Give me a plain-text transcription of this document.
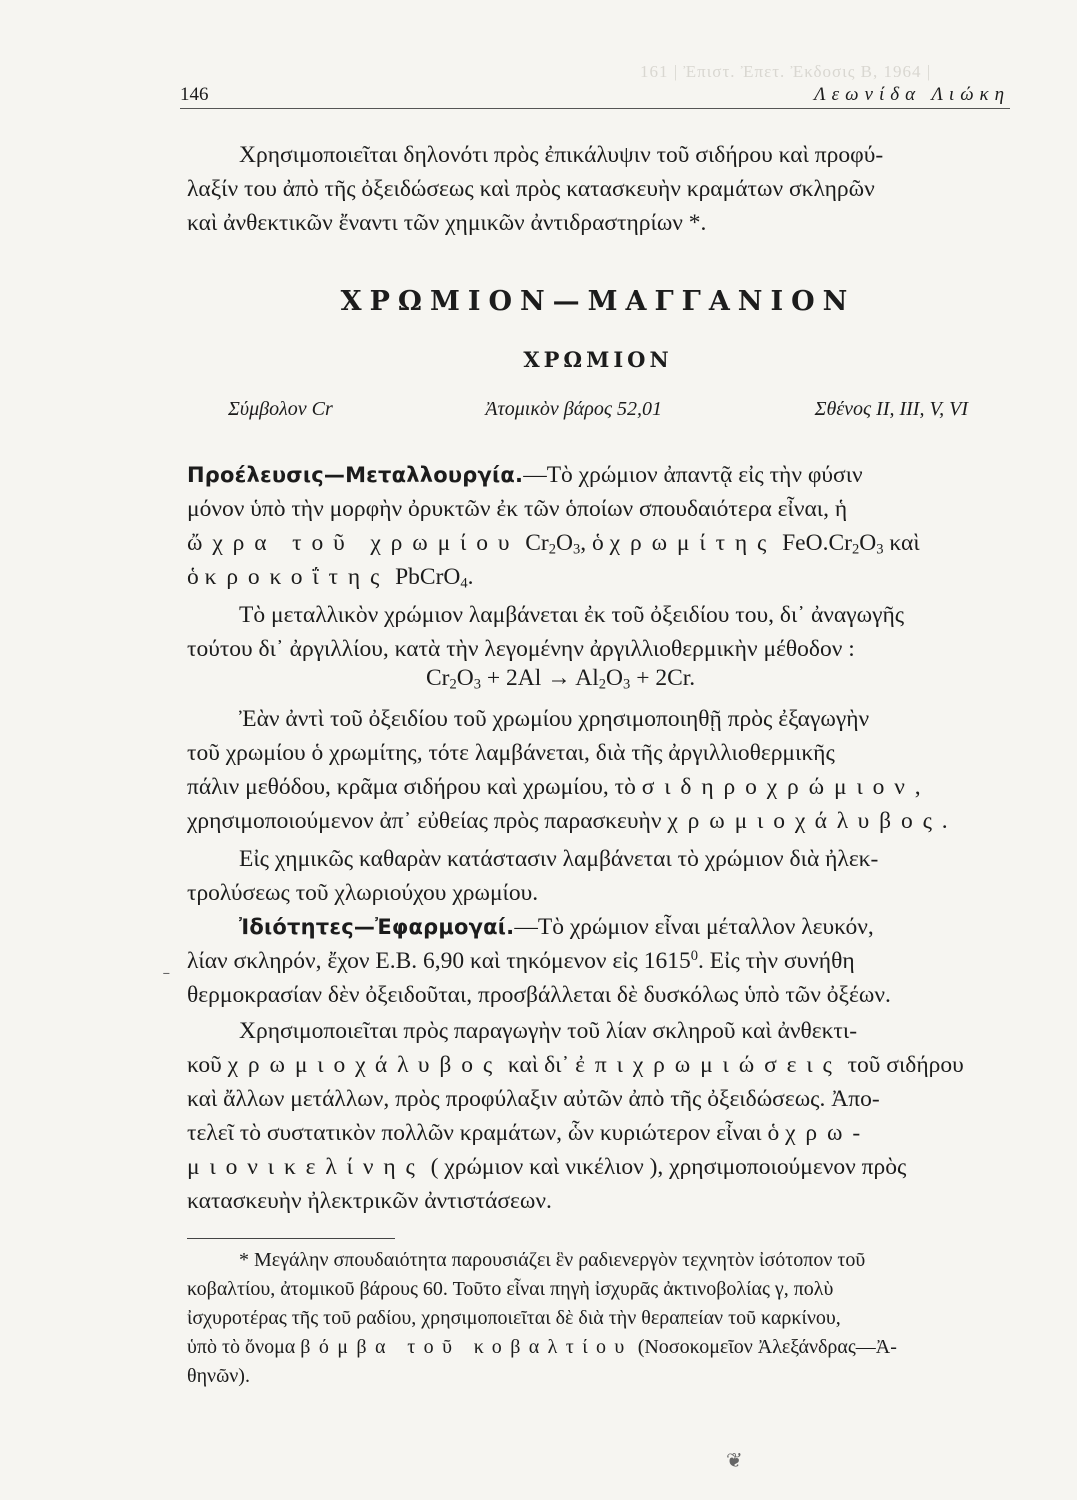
161 | Ἐπιστ. Ἐπετ. Ἐκδοσις Β, 1964 |
146	Λεωνίδα Λιώκη

Χρησιμοποιεῖται δηλονότι πρὸς ἐπικάλυψιν τοῦ σιδήρου καὶ προφύ-

λαξίν του ἀπὸ τῆς ὀξειδώσεως καὶ πρὸς κατασκευὴν κραμάτων σκληρῶν

καὶ ἀνθεκτικῶν ἔναντι τῶν χημικῶν ἀντιδραστηρίων *.

ΧΡΩΜΙΟΝ—ΜΑΓΓΑΝΙΟΝ
ΧΡΩΜΙΟΝ
Σύμβολον Cr	Ἀτομικὸν βάρος 52,01	Σθένος II, III, V, VI

Προέλευσις—Μεταλλουργία.—Τὸ χρώμιον ἀπαντᾷ εἰς τὴν φύσιν

μόνον ὑπὸ τὴν μορφὴν ὀρυκτῶν ἐκ τῶν ὁποίων σπουδαιότερα εἶναι, ἡ

ὤχρα τοῦ χρωμίου $Cr_2O_3$, ὁ χρωμίτης $FeO.Cr_2O_3$ καὶ

ὁ κροκοΐτης PbCrO$_4$.

Τὸ μεταλλικὸν χρώμιον λαμβάνεται ἐκ τοῦ ὀξειδίου του, δι᾽ ἀναγωγῆς

τούτου δι᾽ ἀργιλλίου, κατὰ τὴν λεγομένην ἀργιλλιοθερμικὴν μέθοδον :

$Cr_2O_3 + 2Al \to Al_2O_3 + 2Cr$.

Ἐὰν ἀντὶ τοῦ ὀξειδίου τοῦ χρωμίου χρησιμοποιηθῇ πρὸς ἐξαγωγὴν

τοῦ χρωμίου ὁ χρωμίτης, τότε λαμβάνεται, διὰ τῆς ἀργιλλιοθερμικῆς

πάλιν μεθόδου, κρᾶμα σιδήρου καὶ χρωμίου, τὸ σιδηροχρώμιον,

χρησιμοποιούμενον ἀπ᾽ εὐθείας πρὸς παρασκευὴν χρωμιοχάλυβος.

Εἰς χημικῶς καθαρὰν κατάστασιν λαμβάνεται τὸ χρώμιον διὰ ἠλεκ-

τρολύσεως τοῦ χλωριούχου χρωμίου.

Ἰδιότητες—Ἐφαρμογαί.—Τὸ χρώμιον εἶναι μέταλλον λευκόν,

λίαν σκληρόν, ἔχον Ε.Β. 6,90 καὶ τηκόμενον εἰς 1615$^0$. Εἰς τὴν συνήθη

θερμοκρασίαν δὲν ὀξειδοῦται, προσβάλλεται δὲ δυσκόλως ὑπὸ τῶν ὀξέων.

Χρησιμοποιεῖται πρὸς παραγωγὴν τοῦ λίαν σκληροῦ καὶ ἀνθεκτι-

κοῦ χρωμιοχάλυβος καὶ δι᾽ ἐπιχρωμιώσεις τοῦ σιδήρου

καὶ ἄλλων μετάλλων, πρὸς προφύλαξιν αὐτῶν ἀπὸ τῆς ὀξειδώσεως. Ἀπο-

τελεῖ τὸ συστατικὸν πολλῶν κραμάτων, ὧν κυριώτερον εἶναι ὁ χρω-

μιονικελίνης ( χρώμιον καὶ νικέλιον ), χρησιμοποιούμενον πρὸς

κατασκευὴν ἠλεκτρικῶν ἀντιστάσεων.

* Μεγάλην σπουδαιότητα παρουσιάζει ἓν ραδιενεργὸν τεχνητὸν ἰσότοπον τοῦ

κοβαλτίου, ἀτομικοῦ βάρους 60. Τοῦτο εἶναι πηγὴ ἰσχυρᾶς ἀκτινοβολίας γ, πολὺ

ἰσχυροτέρας τῆς τοῦ ραδίου, χρησιμοποιεῖται δὲ διὰ τὴν θεραπείαν τοῦ καρκίνου,

ὑπὸ τὸ ὄνομα βόμβα τοῦ κοβαλτίου (Νοσοκομεῖον Ἀλεξάνδρας—Ἀ-

θηνῶν).

ˉ
❦
